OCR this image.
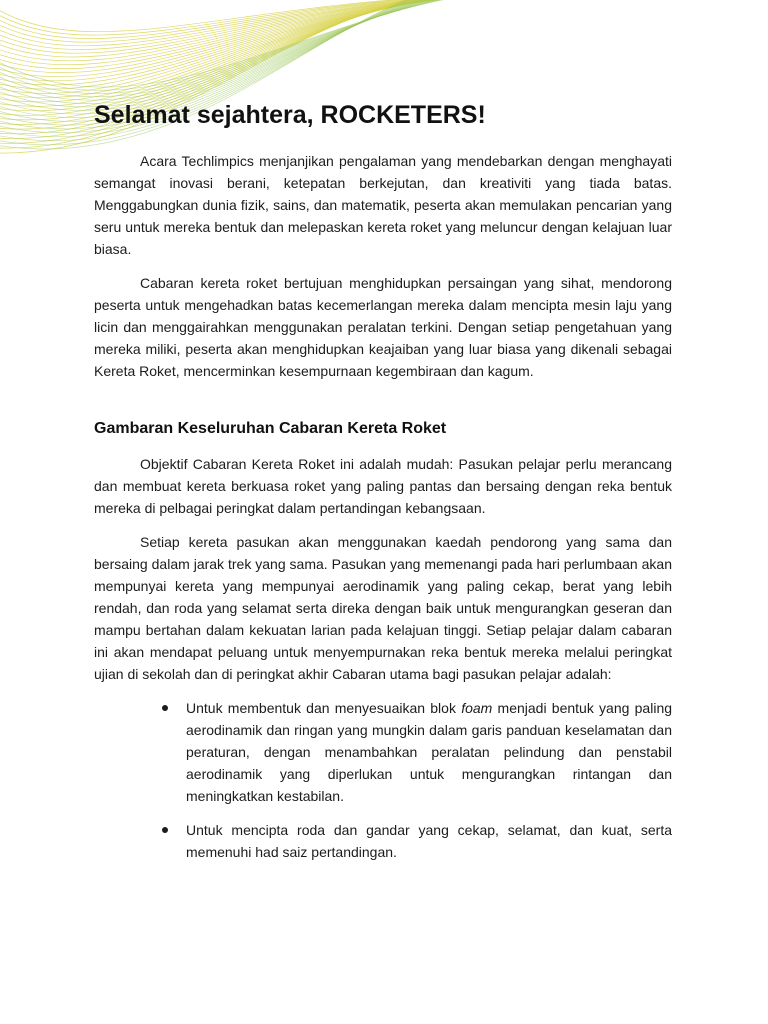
Selamat sejahtera, ROCKETERS!

Acara Techlimpics menjanjikan pengalaman yang mendebarkan dengan menghayati semangat inovasi berani, ketepatan berkejutan, dan kreativiti yang tiada batas. Menggabungkan dunia fizik, sains, dan matematik, peserta akan memulakan pencarian yang seru untuk mereka bentuk dan melepaskan kereta roket yang meluncur dengan kelajuan luar biasa.

Cabaran kereta roket bertujuan menghidupkan persaingan yang sihat, mendorong peserta untuk mengehadkan batas kecemerlangan mereka dalam mencipta mesin laju yang licin dan menggairahkan menggunakan peralatan terkini. Dengan setiap pengetahuan yang mereka miliki, peserta akan menghidupkan keajaiban yang luar biasa yang dikenali sebagai Kereta Roket, mencerminkan kesempurnaan kegembiraan dan kagum.

Gambaran Keseluruhan Cabaran Kereta Roket

Objektif Cabaran Kereta Roket ini adalah mudah: Pasukan pelajar perlu merancang dan membuat kereta berkuasa roket yang paling pantas dan bersaing dengan reka bentuk mereka di pelbagai peringkat dalam pertandingan kebangsaan.

Setiap kereta pasukan akan menggunakan kaedah pendorong yang sama dan bersaing dalam jarak trek yang sama. Pasukan yang memenangi pada hari perlumbaan akan mempunyai kereta yang mempunyai aerodinamik yang paling cekap, berat yang lebih rendah, dan roda yang selamat serta direka dengan baik untuk mengurangkan geseran dan mampu bertahan dalam kekuatan larian pada kelajuan tinggi. Setiap pelajar dalam cabaran ini akan mendapat peluang untuk menyempurnakan reka bentuk mereka melalui peringkat ujian di sekolah dan di peringkat akhir Cabaran utama bagi pasukan pelajar adalah:

Untuk membentuk dan menyesuaikan blok foam menjadi bentuk yang paling aerodinamik dan ringan yang mungkin dalam garis panduan keselamatan dan peraturan, dengan menambahkan peralatan pelindung dan penstabil aerodinamik yang diperlukan untuk mengurangkan rintangan dan meningkatkan kestabilan.
Untuk mencipta roda dan gandar yang cekap, selamat, dan kuat, serta memenuhi had saiz pertandingan.
